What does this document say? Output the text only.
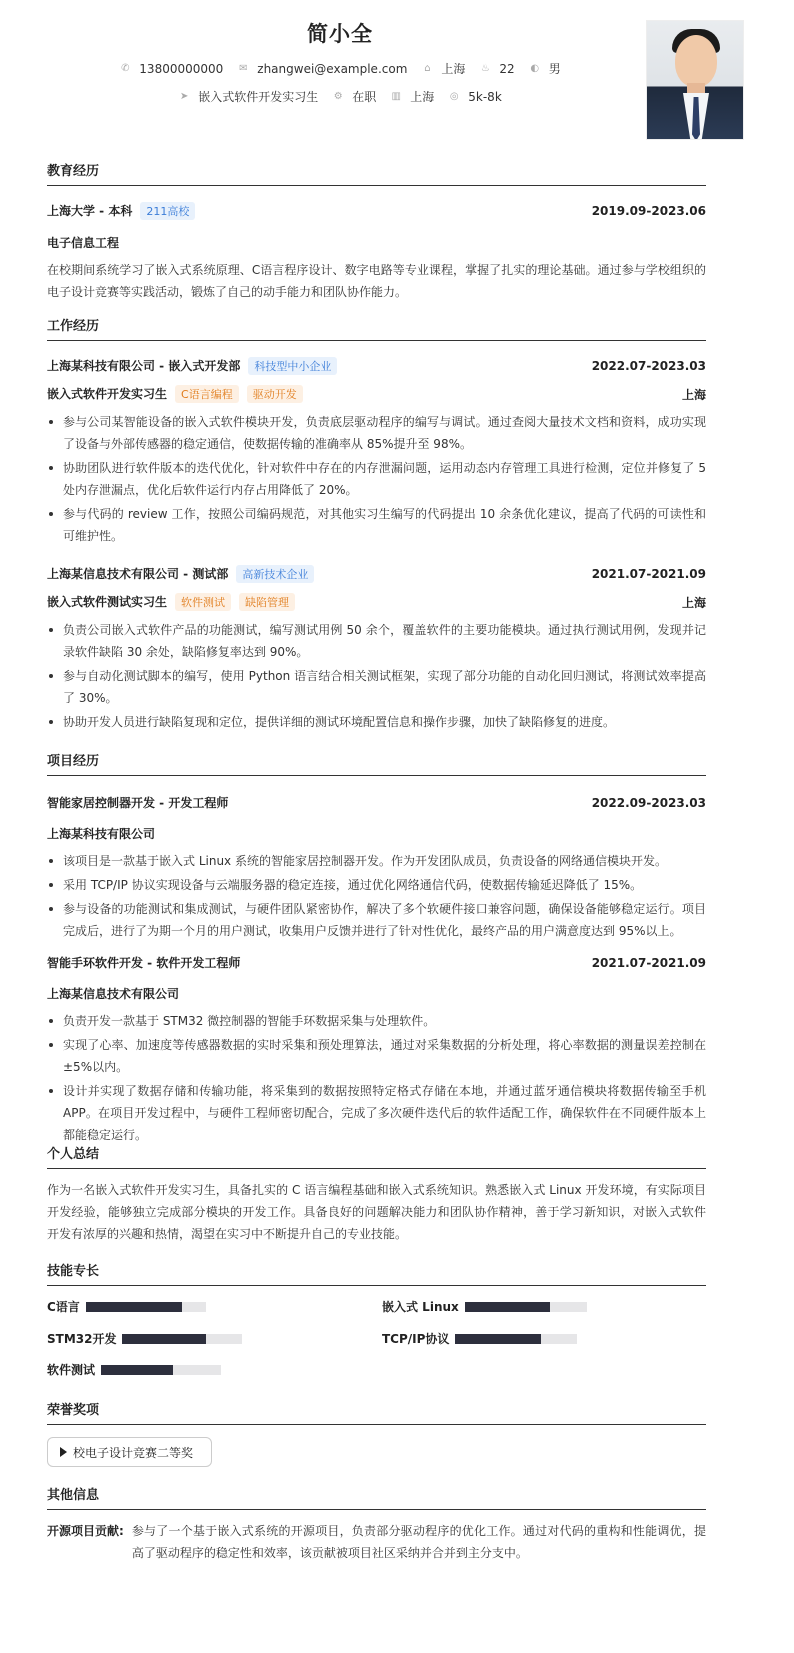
简小全
✆ 13800000000 ✉ zhangwei@example.com ⌂ 上海 ♨ 22 ◐ 男
➤ 嵌入式软件开发实习生 ⚙ 在职 ▥ 上海 ◎ 5k-8k
教育经历
上海大学 - 本科 211高校	2019.09-2023.06
电子信息工程
在校期间系统学习了嵌入式系统原理、C语言程序设计、数字电路等专业课程，掌握了扎实的理论基础。通过参与学校组织的电子设计竞赛等实践活动，锻炼了自己的动手能力和团队协作能力。
工作经历
上海某科技有限公司 - 嵌入式开发部 科技型中小企业	2022.07-2023.03
嵌入式软件开发实习生 C语言编程 驱动开发	上海
参与公司某智能设备的嵌入式软件模块开发，负责底层驱动程序的编写与调试。通过查阅大量技术文档和资料，成功实现了设备与外部传感器的稳定通信，使数据传输的准确率从 85%提升至 98%。
协助团队进行软件版本的迭代优化，针对软件中存在的内存泄漏问题，运用动态内存管理工具进行检测，定位并修复了 5 处内存泄漏点，优化后软件运行内存占用降低了 20%。
参与代码的 review 工作，按照公司编码规范，对其他实习生编写的代码提出 10 余条优化建议，提高了代码的可读性和可维护性。
上海某信息技术有限公司 - 测试部 高新技术企业	2021.07-2021.09
嵌入式软件测试实习生 软件测试 缺陷管理	上海
负责公司嵌入式软件产品的功能测试，编写测试用例 50 余个，覆盖软件的主要功能模块。通过执行测试用例，发现并记录软件缺陷 30 余处，缺陷修复率达到 90%。
参与自动化测试脚本的编写，使用 Python 语言结合相关测试框架，实现了部分功能的自动化回归测试，将测试效率提高了 30%。
协助开发人员进行缺陷复现和定位，提供详细的测试环境配置信息和操作步骤，加快了缺陷修复的进度。
项目经历
智能家居控制器开发 - 开发工程师	2022.09-2023.03
上海某科技有限公司
该项目是一款基于嵌入式 Linux 系统的智能家居控制器开发。作为开发团队成员，负责设备的网络通信模块开发。
采用 TCP/IP 协议实现设备与云端服务器的稳定连接，通过优化网络通信代码，使数据传输延迟降低了 15%。
参与设备的功能测试和集成测试，与硬件团队紧密协作，解决了多个软硬件接口兼容问题，确保设备能够稳定运行。项目完成后，进行了为期一个月的用户测试，收集用户反馈并进行了针对性优化，最终产品的用户满意度达到 95%以上。
智能手环软件开发 - 软件开发工程师	2021.07-2021.09
上海某信息技术有限公司
负责开发一款基于 STM32 微控制器的智能手环数据采集与处理软件。
实现了心率、加速度等传感器数据的实时采集和预处理算法，通过对采集数据的分析处理，将心率数据的测量误差控制在±5%以内。
设计并实现了数据存储和传输功能，将采集到的数据按照特定格式存储在本地，并通过蓝牙通信模块将数据传输至手机 APP。在项目开发过程中，与硬件工程师密切配合，完成了多次硬件迭代后的软件适配工作，确保软件在不同硬件版本上都能稳定运行。
个人总结
作为一名嵌入式软件开发实习生，具备扎实的 C 语言编程基础和嵌入式系统知识。熟悉嵌入式 Linux 开发环境，有实际项目开发经验，能够独立完成部分模块的开发工作。具备良好的问题解决能力和团队协作精神，善于学习新知识，对嵌入式软件开发有浓厚的兴趣和热情，渴望在实习中不断提升自己的专业技能。
技能专长
C语言	嵌入式 Linux
STM32开发	TCP/IP协议
软件测试
荣誉奖项
校电子设计竞赛二等奖
其他信息
开源项目贡献: 参与了一个基于嵌入式系统的开源项目，负责部分驱动程序的优化工作。通过对代码的重构和性能调优，提高了驱动程序的稳定性和效率，该贡献被项目社区采纳并合并到主分支中。
